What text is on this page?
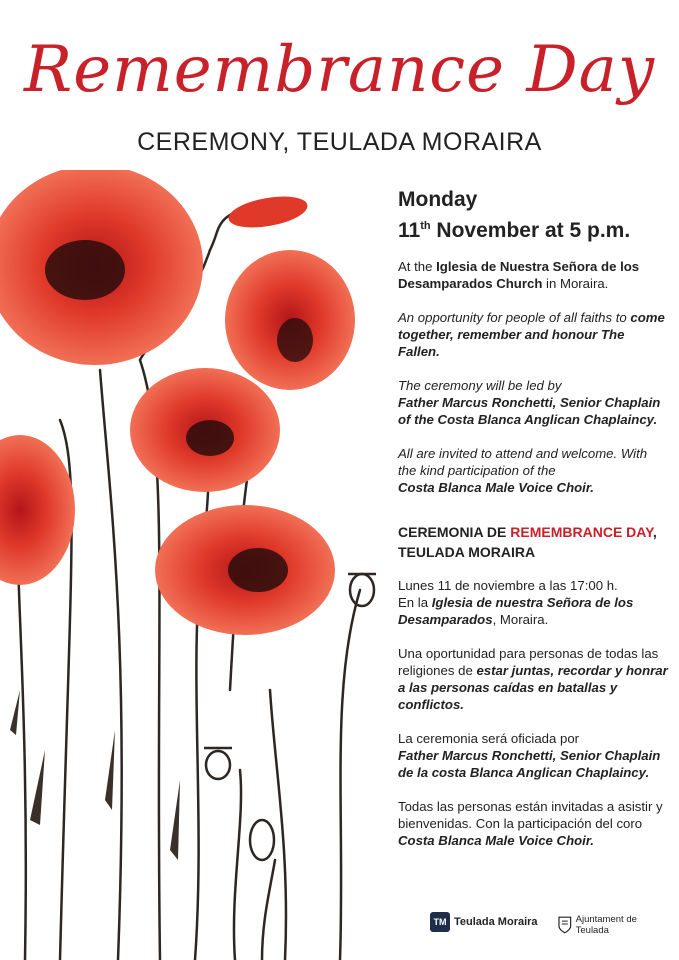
Remembrance Day
CEREMONY, TEULADA MORAIRA
Monday
11th November at 5 p.m.

At the Iglesia de Nuestra Señora de los Desamparados Church in Moraira.

An opportunity for people of all faiths to come together, remember and honour The Fallen.

The ceremony will be led by
Father Marcus Ronchetti, Senior Chaplain of the Costa Blanca Anglican Chaplaincy.

All are invited to attend and welcome. With the kind participation of the
Costa Blanca Male Voice Choir.

CEREMONIA DE REMEMBRANCE DAY, TEULADA MORAIRA

Lunes 11 de noviembre a las 17:00 h.
En la Iglesia de nuestra Señora de los Desamparados, Moraira.

Una oportunidad para personas de todas las religiones de estar juntas, recordar y honrar a las personas caídas en batallas y conflictos.

La ceremonia será oficiada por
Father Marcus Ronchetti, Senior Chaplain de la costa Blanca Anglican Chaplaincy.

Todas las personas están invitadas a asistir y bienvenidas. Con la participación del coro
Costa Blanca Male Voice Choir.

TM Teulada Moraira	Ajuntament de Teulada
